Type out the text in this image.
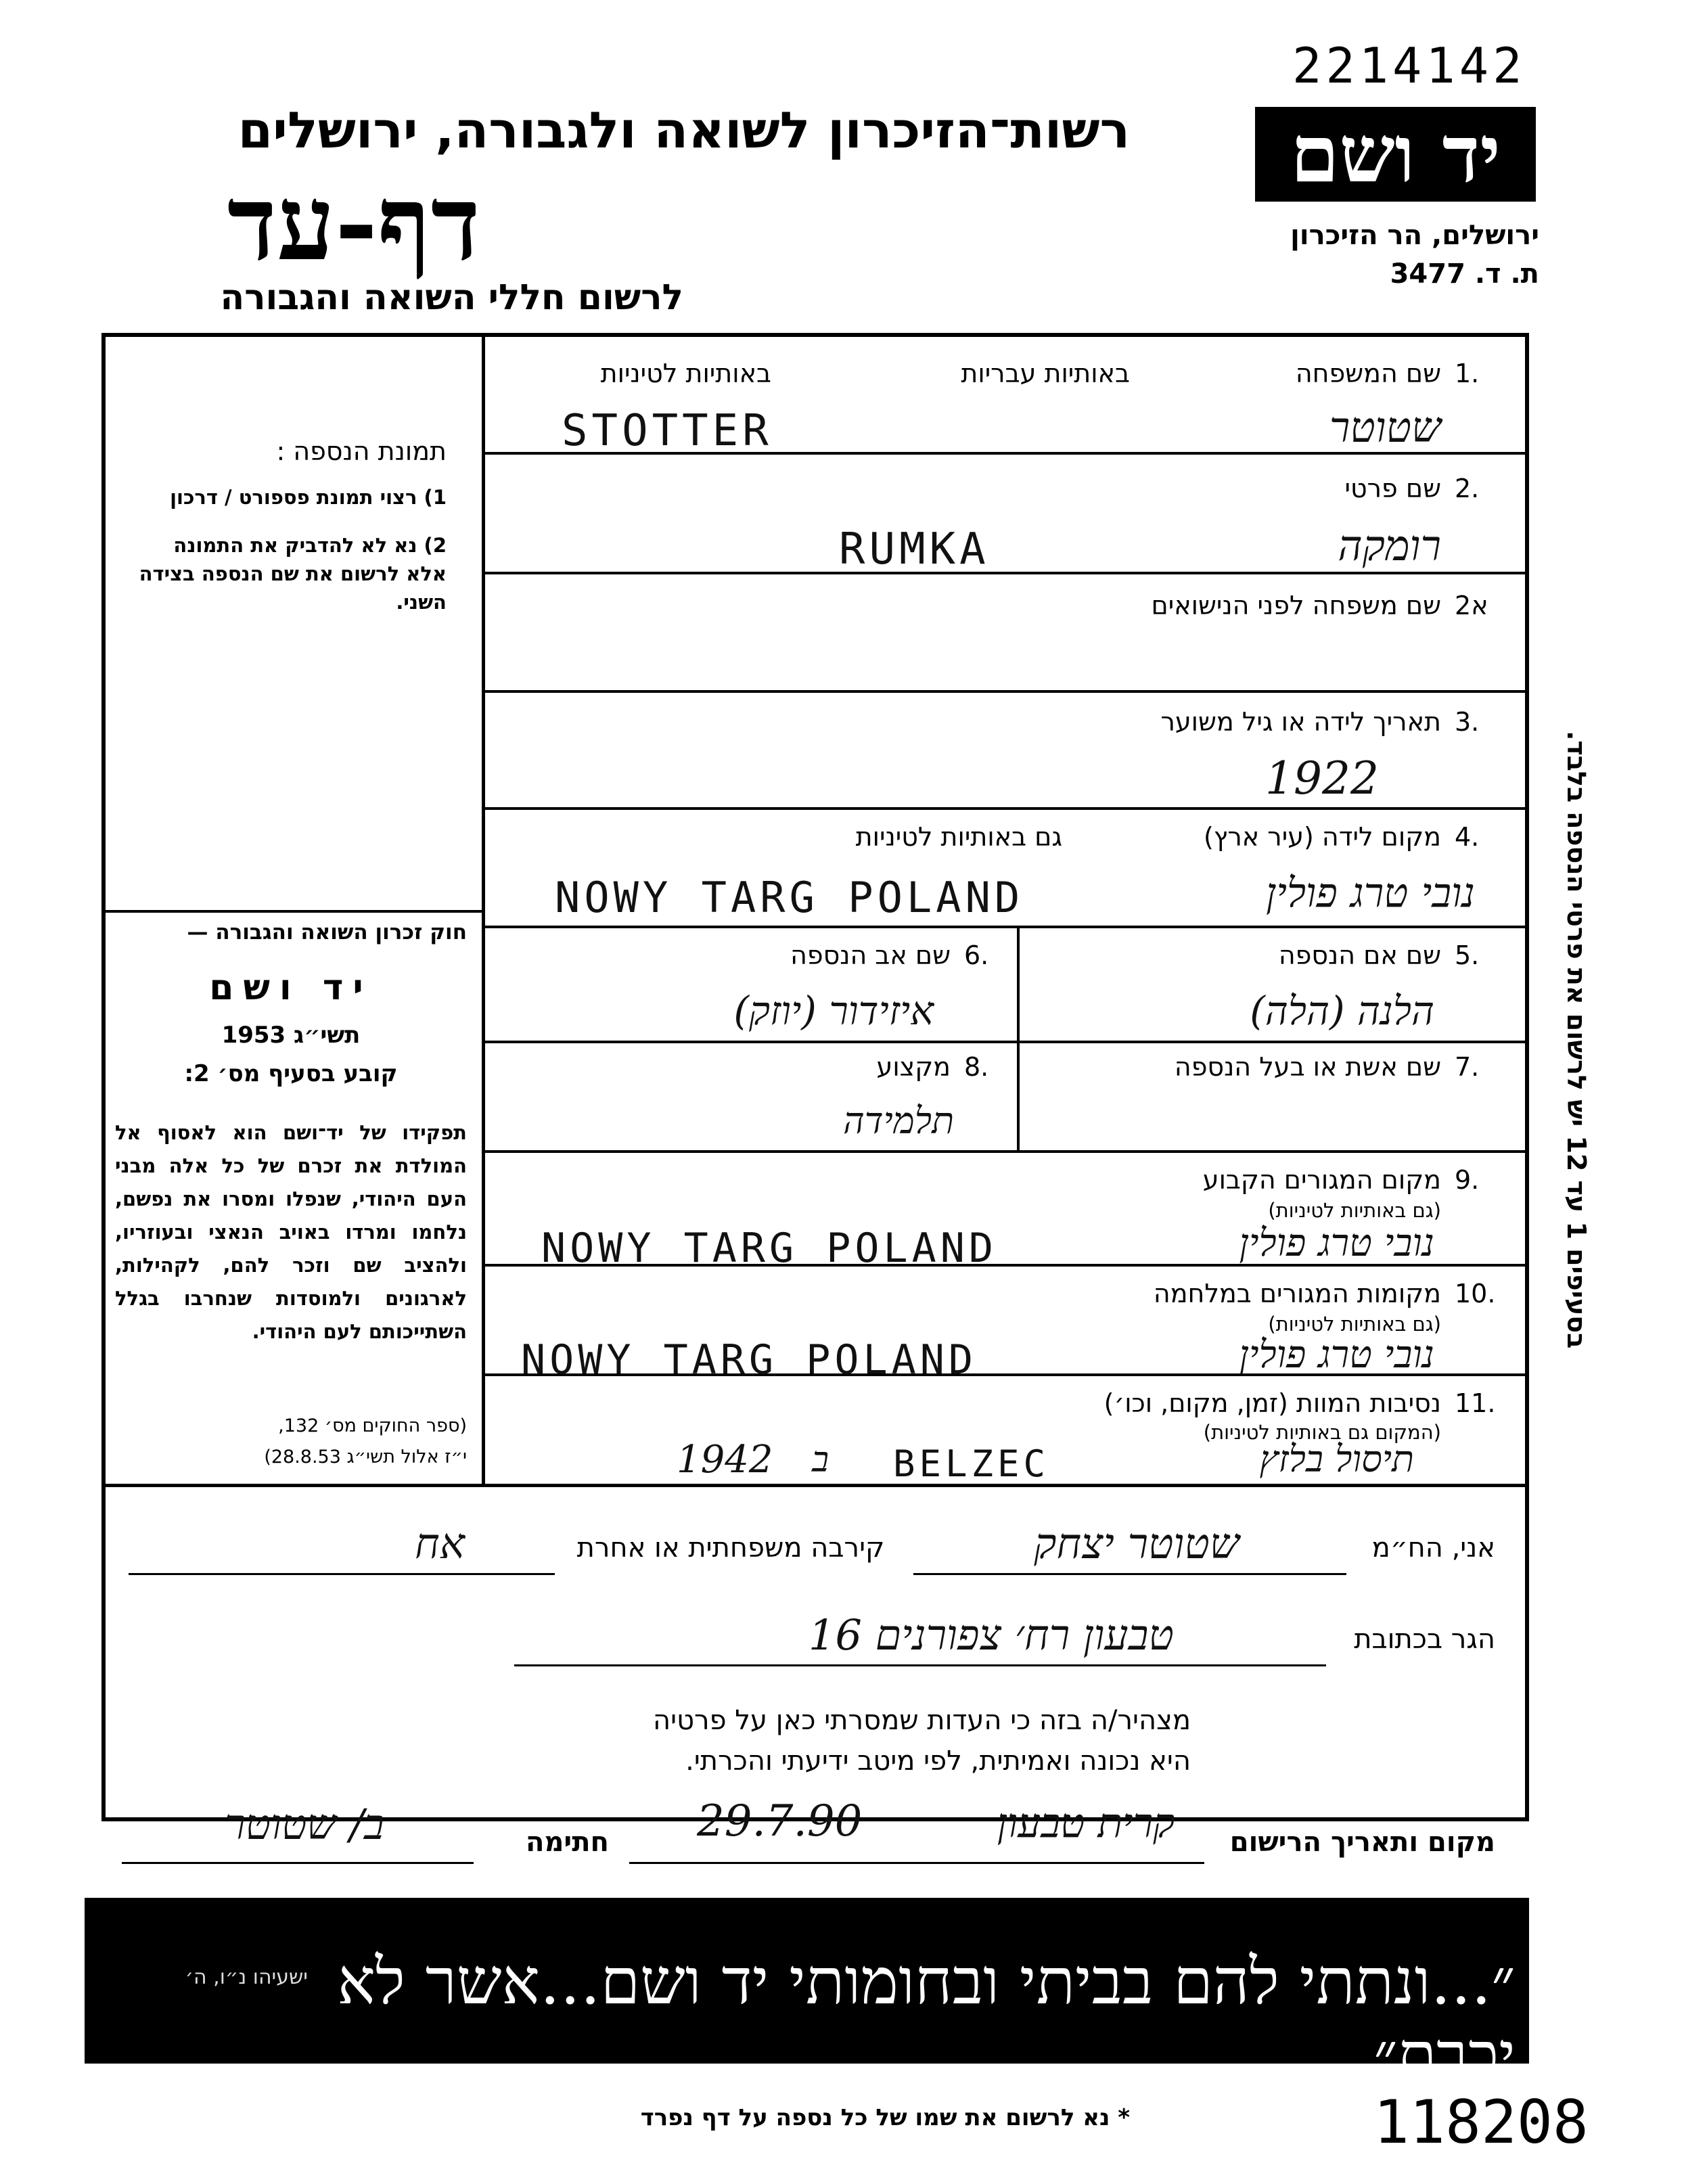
2214142
יד ושם
ירושלים, הר הזיכרון
ת. ד. 3477
רשות־הזיכרון לשואה ולגבורה, ירושלים
דף-עד
לרשום חללי השואה והגבורה
תמונת הנספה :
1) רצוי תמונת פספורט / דרכון
2) נא לא להדביק את התמונה אלא לרשום את שם הנספה בצידה השני.
חוק זכרון השואה והגבורה —
יד ושם
תשי״ג 1953
קובע בסעיף מס׳ 2:
תפקידו של יד־ושם הוא לאסוף אל המולדת את זכרם של כל אלה מבני העם היהודי, שנפלו ומסרו את נפשם, נלחמו ומרדו באויב הנאצי ובעוזריו, ולהציב שם וזכר להם, לקהילות, לארגונים ולמוסדות שנחרבו בגלל השתייכותם לעם היהודי.
(ספר החוקים מס׳ 132,
י״ז אלול תשי״ג 28.8.53)
בסעיפים 1 עד 12 יש לרשום את פרטי הנספה בלבד.
1.
שם המשפחה
באותיות עבריות
באותיות לטיניות
STOTTER	שטוטר
2.
שם פרטי
RUMKA	רומקה
2א
שם משפחה לפני הנישואים
3.
תאריך לידה או גיל משוער
1922
4.
מקום לידה (עיר ארץ)
גם באותיות לטיניות
NOWY TARG POLAND	נובי טרג פולין
5.
שם אם הנספה
הלנה (הלה)
6.
שם אב הנספה
איזידור (יוזק)
7.
שם אשת או בעל הנספה
8.
מקצוע
תלמידה
9.
מקום המגורים הקבוע
(גם באותיות לטיניות)
NOWY TARG POLAND	נובי טרג פולין
10.
מקומות המגורים במלחמה
(גם באותיות לטיניות)
NOWY TARG POLAND	נובי טרג פולין
11.
נסיבות המוות (זמן, מקום, וכו׳)
(המקום גם באותיות לטיניות)
1942 ב BELZEC	תיסול בלזץ
אני, הח״מ
שטוטר יצחק
קירבה משפחתית או אחרת
אח
הגר בכתובת
טבעון רח׳ צפורנים 16
מצהיר/ה בזה כי העדות שמסרתי כאן על פרטיה
היא נכונה ואמיתית, לפי מיטב ידיעתי והכרתי.
מקום ותאריך הרישום
29.7.90	קרית טבעון
חתימה
ב/ שטוטר
״...ונתתי להם בביתי ובחומותי יד ושם...אשר לא יכרת״
ישעיהו נ״ו, ה׳
* נא לרשום את שמו של כל נספה על דף נפרד	118208
